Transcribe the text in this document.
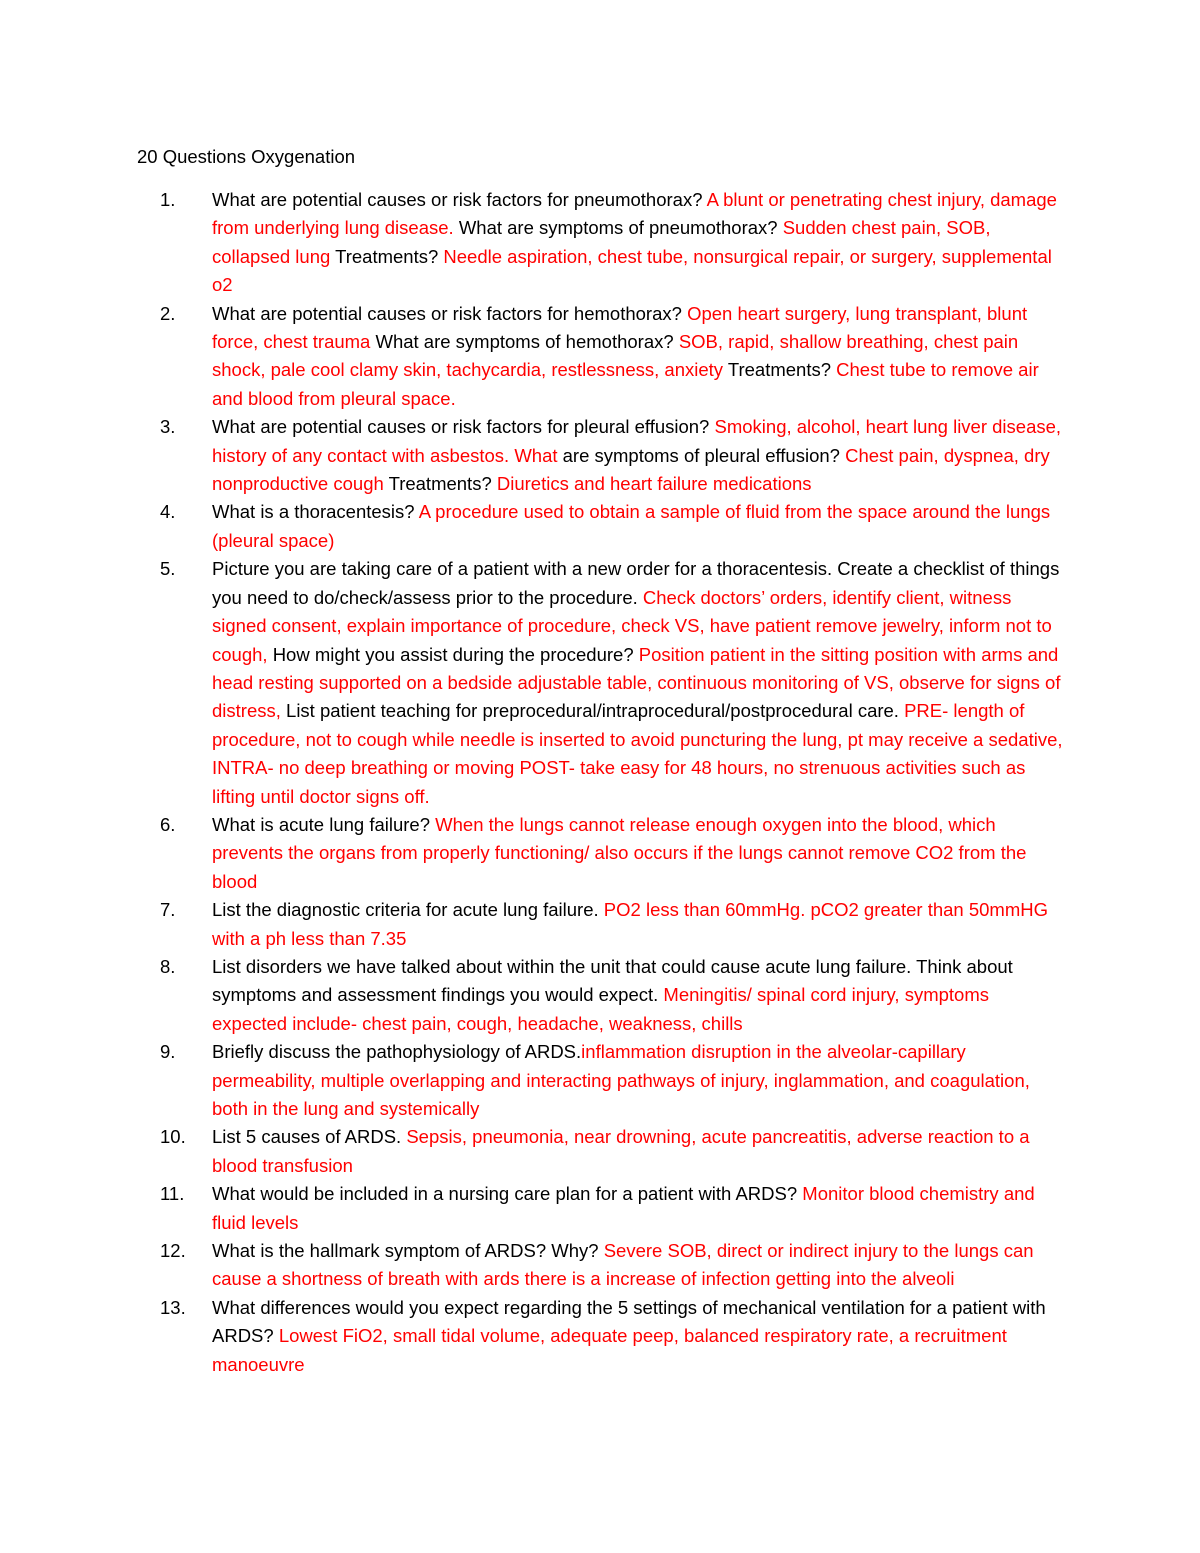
20 Questions Oxygenation
1.	What are potential causes or risk factors for pneumothorax? A blunt or penetrating chest injury, damage from underlying lung disease. What are symptoms of pneumothorax? Sudden chest pain, SOB, collapsed lung Treatments? Needle aspiration, chest tube, nonsurgical repair, or surgery, supplemental o2
2.	What are potential causes or risk factors for hemothorax? Open heart surgery, lung transplant, blunt force, chest trauma What are symptoms of hemothorax? SOB, rapid, shallow breathing, chest pain shock, pale cool clamy skin, tachycardia, restlessness, anxiety Treatments? Chest tube to remove air and blood from pleural space.
3.	What are potential causes or risk factors for pleural effusion? Smoking, alcohol, heart lung liver disease, history of any contact with asbestos. What are symptoms of pleural effusion? Chest pain, dyspnea, dry nonproductive cough Treatments? Diuretics and heart failure medications
4.	What is a thoracentesis? A procedure used to obtain a sample of fluid from the space around the lungs (pleural space)
5.	Picture you are taking care of a patient with a new order for a thoracentesis. Create a checklist of things you need to do/check/assess prior to the procedure. Check doctors’ orders, identify client, witness signed consent, explain importance of procedure, check VS, have patient remove jewelry, inform not to cough, How might you assist during the procedure? Position patient in the sitting position with arms and head resting supported on a bedside adjustable table, continuous monitoring of VS, observe for signs of distress, List patient teaching for preprocedural/intraprocedural/postprocedural care. PRE- length of procedure, not to cough while needle is inserted to avoid puncturing the lung, pt may receive a sedative, INTRA- no deep breathing or moving POST- take easy for 48 hours, no strenuous activities such as lifting until doctor signs off.
6.	What is acute lung failure? When the lungs cannot release enough oxygen into the blood, which prevents the organs from properly functioning/ also occurs if the lungs cannot remove CO2 from the blood
7.	List the diagnostic criteria for acute lung failure. PO2 less than 60mmHg. pCO2 greater than 50mmHG with a ph less than 7.35
8.	List disorders we have talked about within the unit that could cause acute lung failure. Think about symptoms and assessment findings you would expect. Meningitis/ spinal cord injury, symptoms expected include- chest pain, cough, headache, weakness, chills
9.	Briefly discuss the pathophysiology of ARDS.inflammation disruption in the alveolar-capillary permeability, multiple overlapping and interacting pathways of injury, inglammation, and coagulation, both in the lung and systemically
10.	List 5 causes of ARDS. Sepsis, pneumonia, near drowning, acute pancreatitis, adverse reaction to a blood transfusion
11.	What would be included in a nursing care plan for a patient with ARDS? Monitor blood chemistry and fluid levels
12.	What is the hallmark symptom of ARDS? Why? Severe SOB, direct or indirect injury to the lungs can cause a shortness of breath with ards there is a increase of infection getting into the alveoli
13.	What differences would you expect regarding the 5 settings of mechanical ventilation for a patient with ARDS? Lowest FiO2, small tidal volume, adequate peep, balanced respiratory rate, a recruitment manoeuvre
